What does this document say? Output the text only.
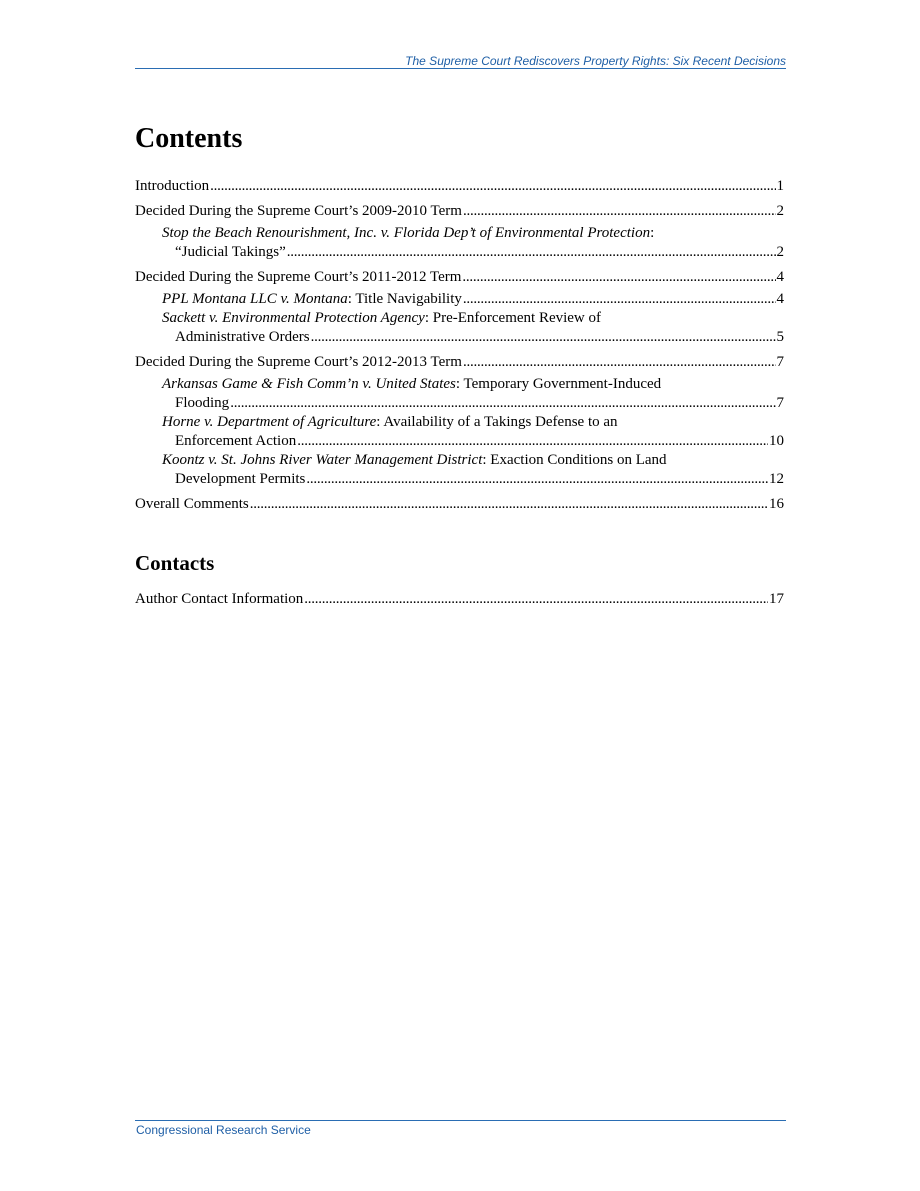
The Supreme Court Rediscovers Property Rights: Six Recent Decisions
Contents
Introduction . . .	1
Decided During the Supreme Court’s 2009-2010 Term . . .	2
Stop the Beach Renourishment, Inc. v. Florida Dep’t of Environmental Protection:
“Judicial Takings” . . .	2
Decided During the Supreme Court’s 2011-2012 Term . . .	4
PPL Montana LLC v. Montana: Title Navigability . . .	4
Sackett v. Environmental Protection Agency: Pre-Enforcement Review of
Administrative Orders . . .	5
Decided During the Supreme Court’s 2012-2013 Term . . .	7
Arkansas Game & Fish Comm’n v. United States: Temporary Government-Induced
Flooding . . .	7
Horne v. Department of Agriculture: Availability of a Takings Defense to an
Enforcement Action . . .	10
Koontz v. St. Johns River Water Management District: Exaction Conditions on Land
Development Permits . . .	12
Overall Comments . . .	16
Contacts
Author Contact Information . . .	17
Congressional Research Service
